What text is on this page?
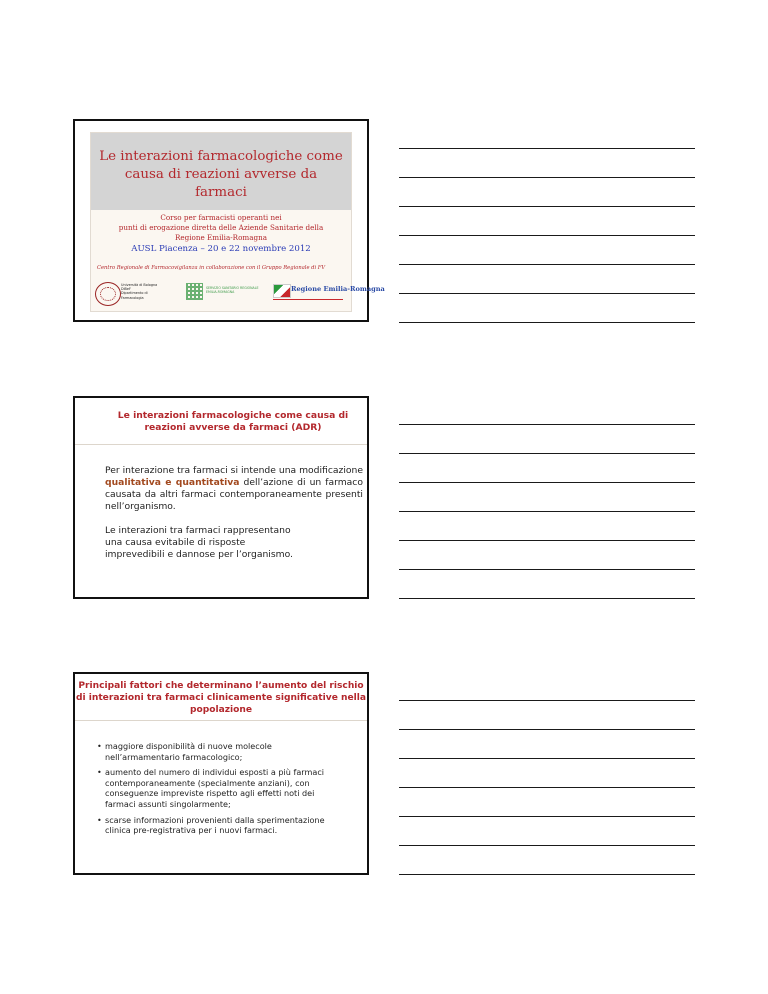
Le interazioni farmacologiche come causa di reazioni avverse da farmaci
Corso per farmacisti operanti nei
punti di erogazione diretta delle Aziende Sanitarie della
Regione Emilia-Romagna
AUSL Piacenza – 20 e 22 novembre 2012
Centro Regionale di Farmacovigilanza in collaborazione con il Gruppo Regionale di FV
Università di Bologna
DiBeF
Dipartimento di Farmacologia
SERVIZIO SANITARIO REGIONALE
EMILIA-ROMAGNA	Regione Emilia-Romagna
Le interazioni farmacologiche come causa di reazioni avverse da farmaci (ADR)
Per interazione tra farmaci si intende una modificazione qualitativa e quantitativa dell’azione di un farmaco causata da altri farmaci contemporaneamente presenti nell’organismo.
Le interazioni tra farmaci rappresentano una causa evitabile di risposte imprevedibili e dannose per l’organismo.
Principali fattori che determinano l’aumento del rischio di interazioni tra farmaci clinicamente significative nella popolazione
• maggiore disponibilità di nuove molecole nell’armamentario farmacologico;
• aumento del numero di individui esposti a più farmaci contemporaneamente (specialmente anziani), con conseguenze impreviste rispetto agli effetti noti dei farmaci assunti singolarmente;
• scarse informazioni provenienti dalla sperimentazione clinica pre-registrativa per i nuovi farmaci.
